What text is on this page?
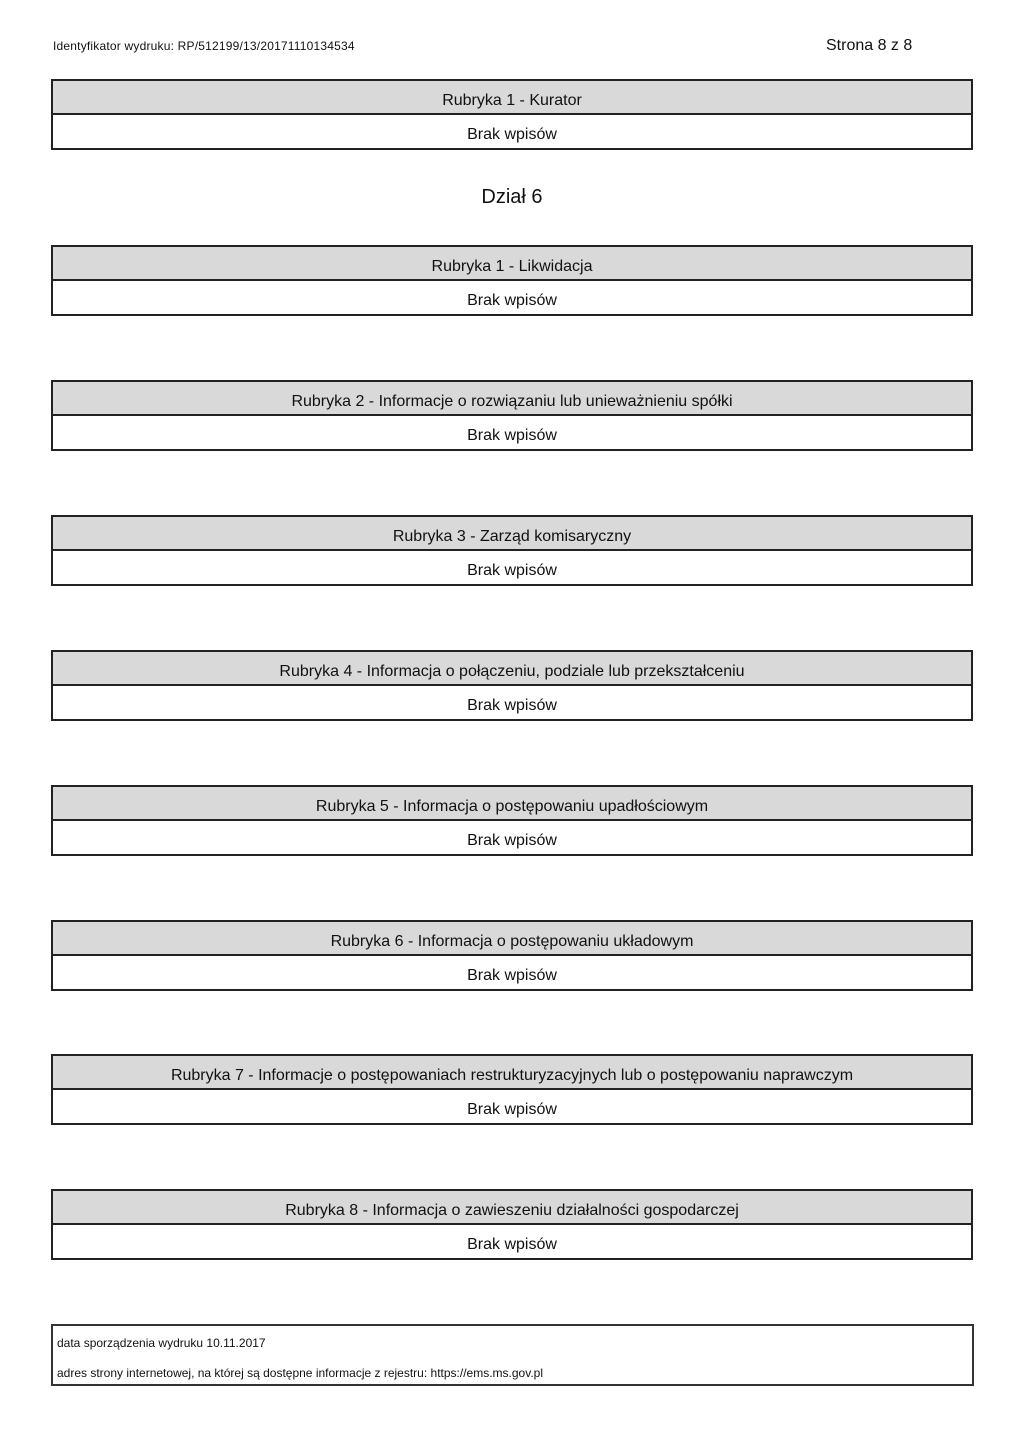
Identyfikator wydruku: RP/512199/13/20171110134534	Strona 8 z 8
Rubryka 1 - Kurator
Brak wpisów
Dział 6
Rubryka 1 - Likwidacja
Brak wpisów
Rubryka 2 - Informacje o rozwiązaniu lub unieważnieniu spółki
Brak wpisów
Rubryka 3 - Zarząd komisaryczny
Brak wpisów
Rubryka 4 - Informacja o połączeniu, podziale lub przekształceniu
Brak wpisów
Rubryka 5 - Informacja o postępowaniu upadłościowym
Brak wpisów
Rubryka 6 - Informacja o postępowaniu układowym
Brak wpisów
Rubryka 7 - Informacje o postępowaniach restrukturyzacyjnych lub o postępowaniu naprawczym
Brak wpisów
Rubryka 8 - Informacja o zawieszeniu działalności gospodarczej
Brak wpisów
data sporządzenia wydruku 10.11.2017
adres strony internetowej, na której są dostępne informacje z rejestru: https://ems.ms.gov.pl
